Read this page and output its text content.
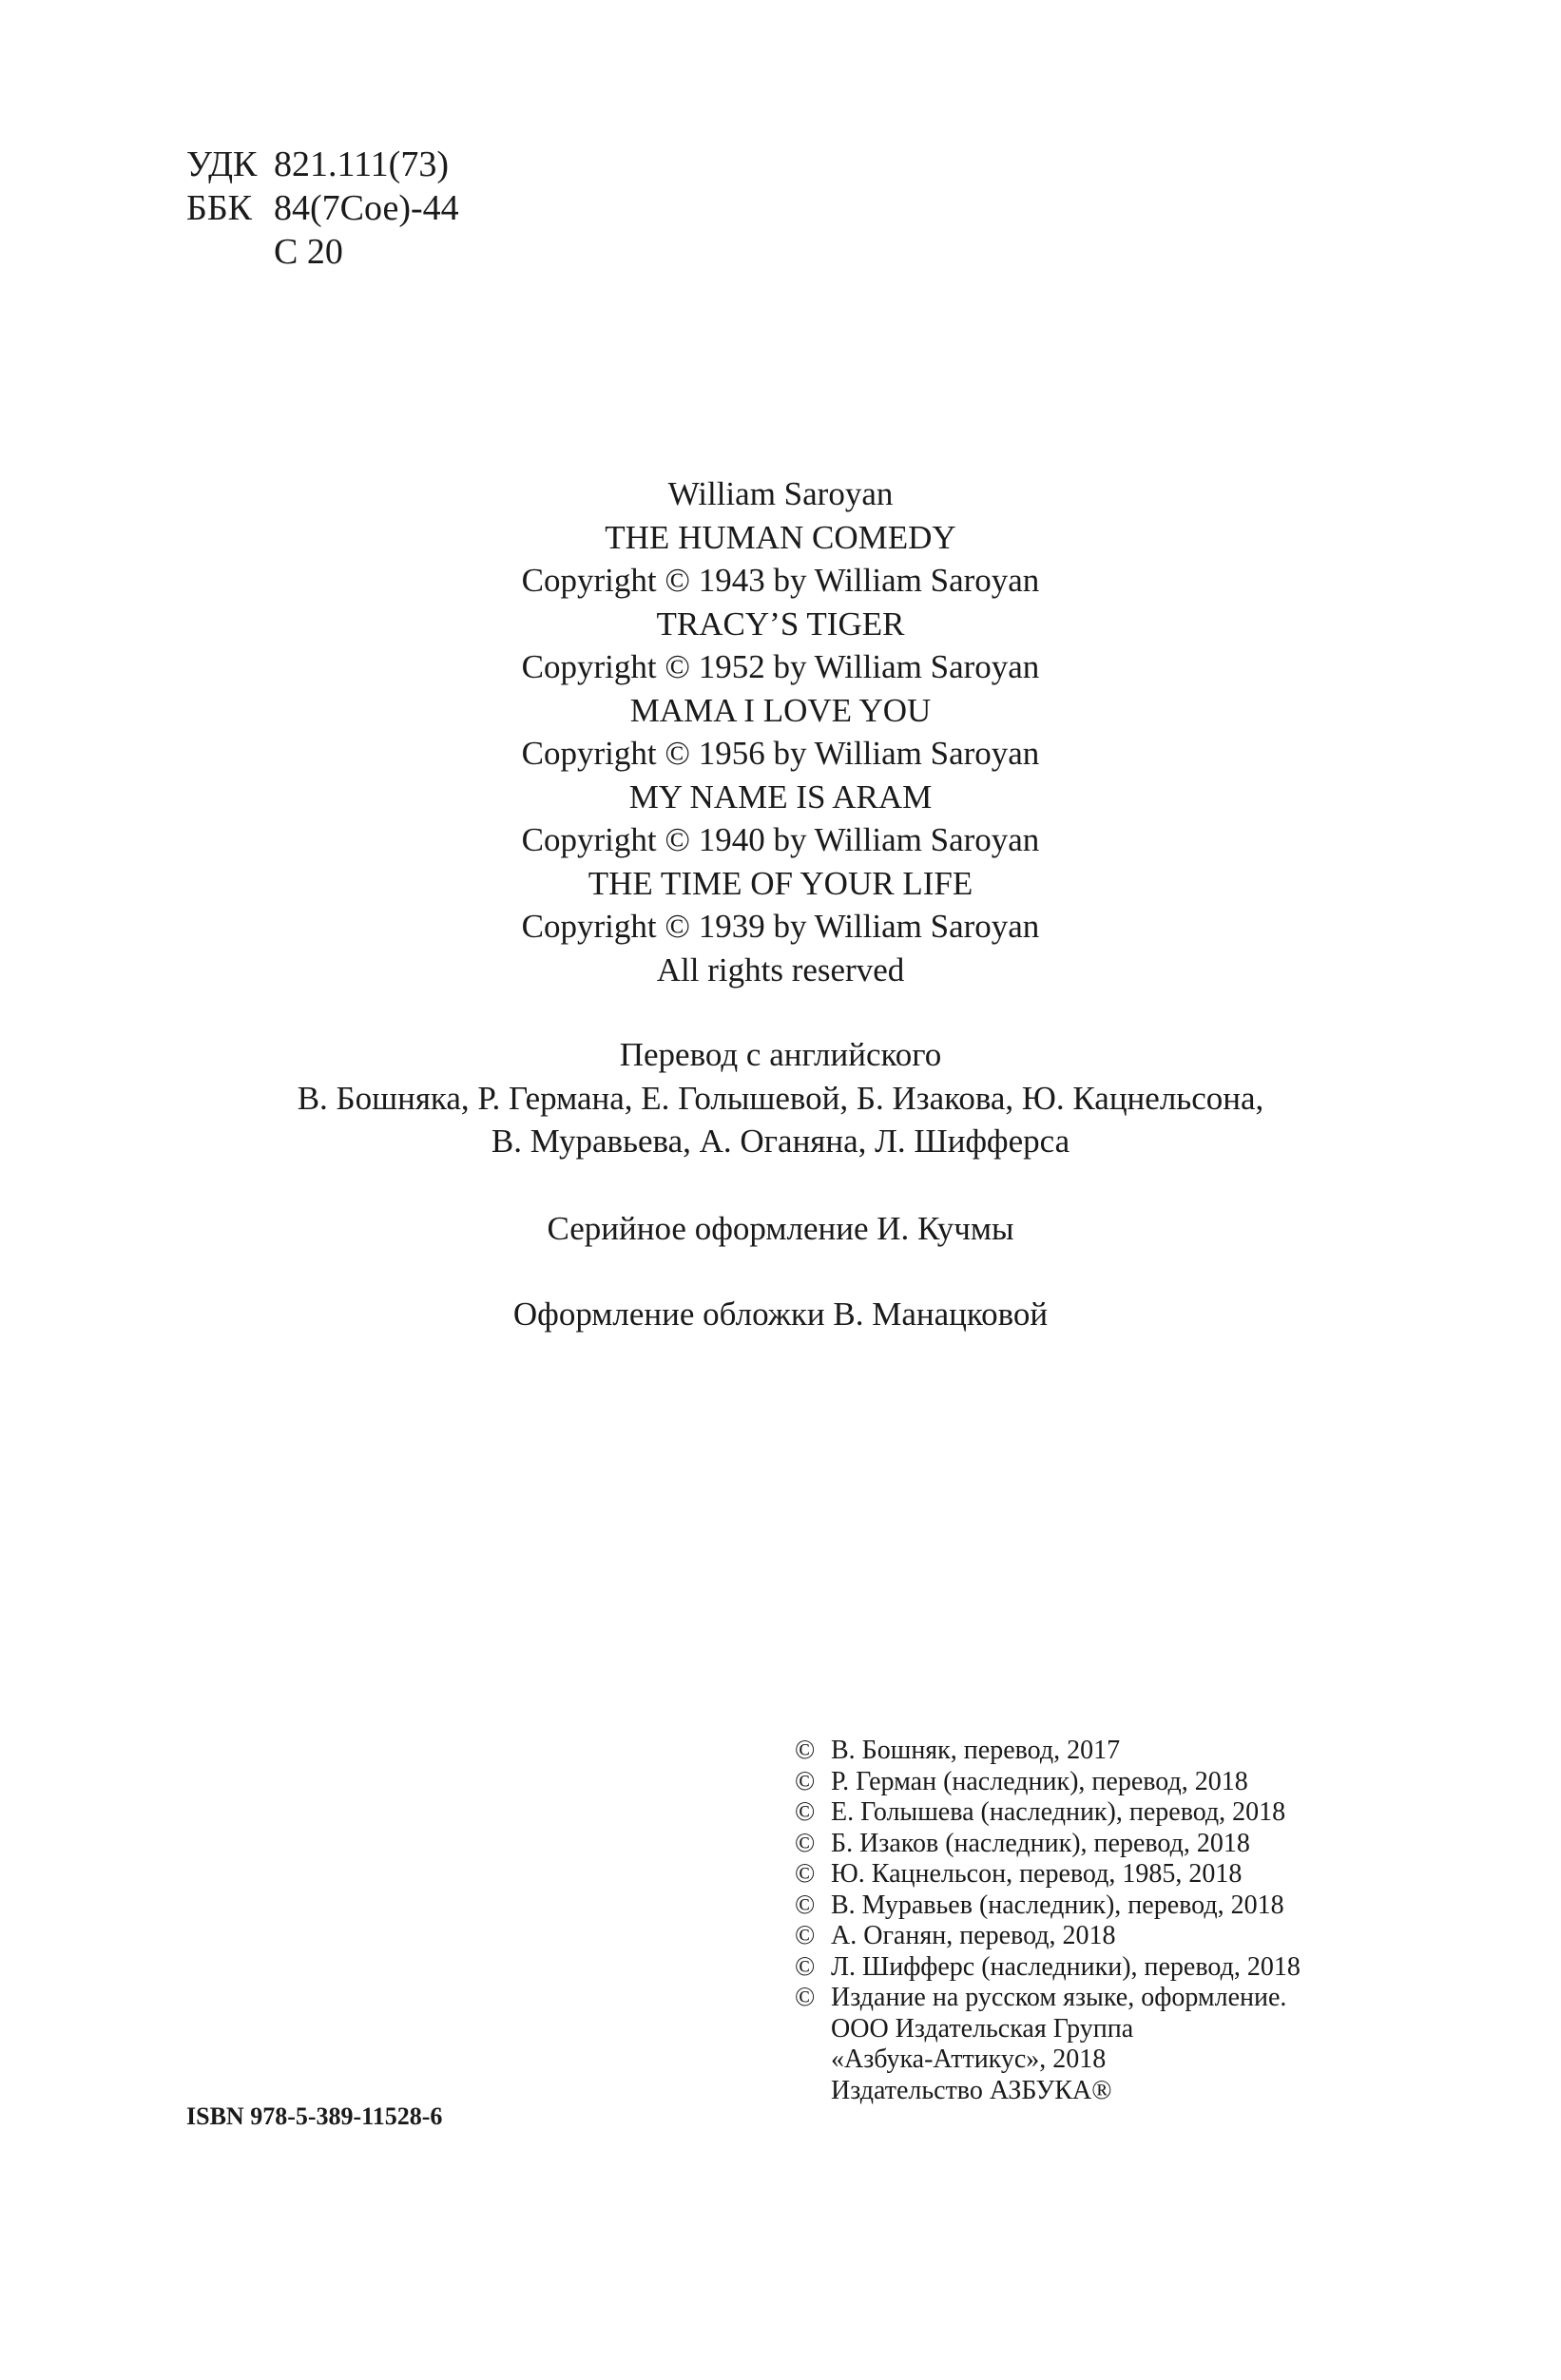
УДК 821.111(73)
ББК 84(7Сое)-44
С 20
William Saroyan
THE HUMAN COMEDY
Copyright © 1943 by William Saroyan
TRACY’S TIGER
Copyright © 1952 by William Saroyan
MAMA I LOVE YOU
Copyright © 1956 by William Saroyan
MY NAME IS ARAM
Copyright © 1940 by William Saroyan
THE TIME OF YOUR LIFE
Copyright © 1939 by William Saroyan
All rights reserved
Перевод с английского
В. Бошняка, Р. Германа, Е. Голышевой, Б. Изакова, Ю. Кацнельсона,
В. Муравьева, А. Оганяна, Л. Шифферса
Серийное оформление И. Кучмы
Оформление обложки В. Манацковой
© В. Бошняк, перевод, 2017
© Р. Герман (наследник), перевод, 2018
© Е. Голышева (наследник), перевод, 2018
© Б. Изаков (наследник), перевод, 2018
© Ю. Кацнельсон, перевод, 1985, 2018
© В. Муравьев (наследник), перевод, 2018
© А. Оганян, перевод, 2018
© Л. Шифферс (наследники), перевод, 2018
© Издание на русском языке, оформление.
ООО Издательская Группа
«Азбука-Аттикус», 2018
Издательство АЗБУКА®
ISBN 978-5-389-11528-6
